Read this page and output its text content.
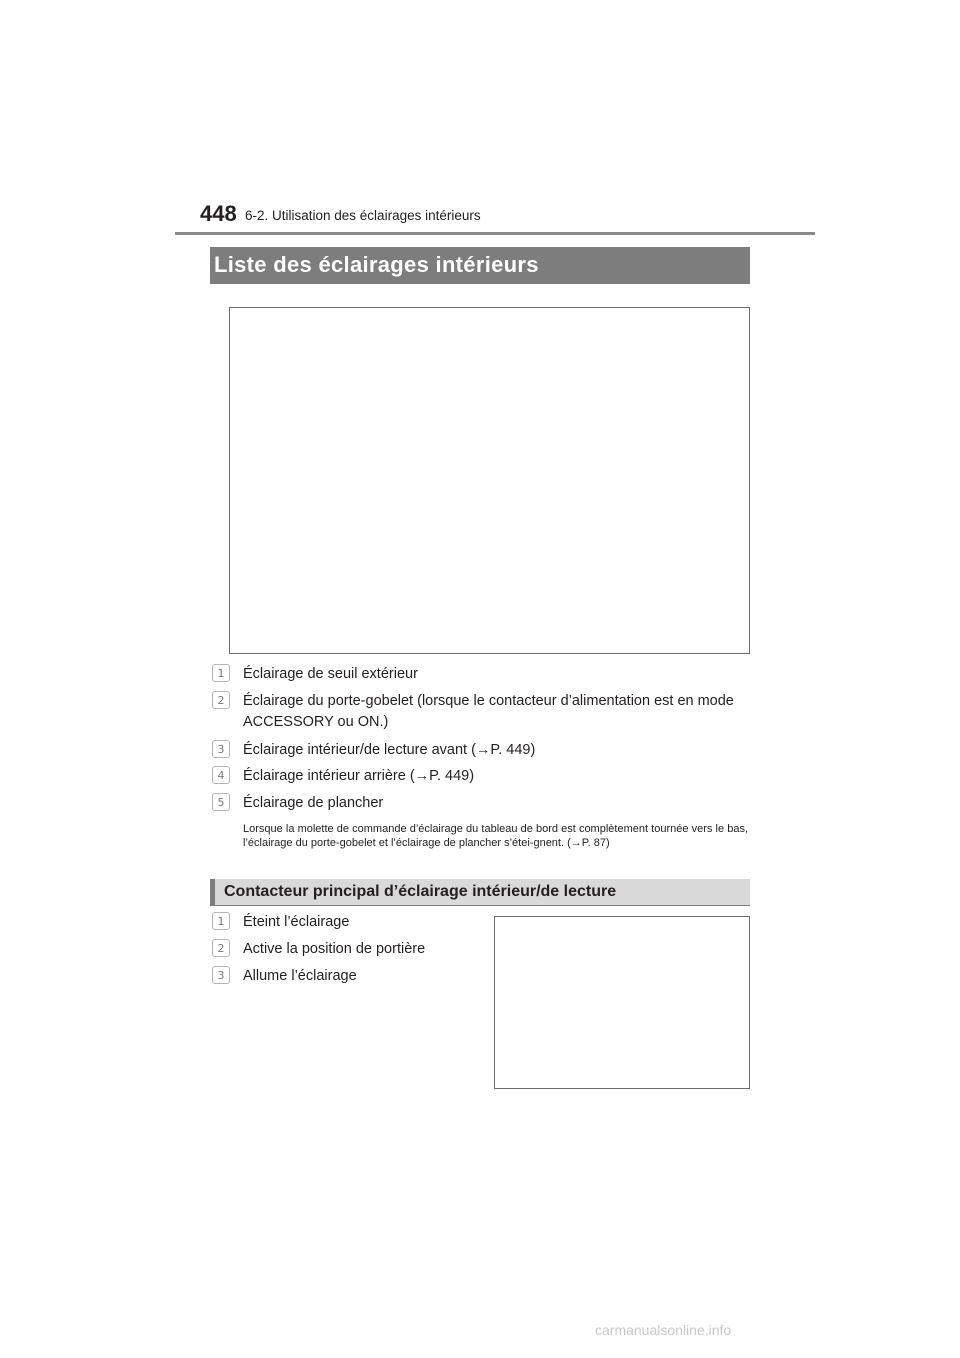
448 6-2. Utilisation des éclairages intérieurs
Liste des éclairages intérieurs
1	Éclairage de seuil extérieur
2	Éclairage du porte-gobelet (lorsque le contacteur d’alimentation est en mode
ACCESSORY ou ON.)
3	Éclairage intérieur/de lecture avant (→P. 449)
4	Éclairage intérieur arrière (→P. 449)
5	Éclairage de plancher
Lorsque la molette de commande d’éclairage du tableau de bord est complètement tournée vers le bas, l’éclairage du porte-gobelet et l’éclairage de plancher s’étei-gnent. (→P. 87)
Contacteur principal d’éclairage intérieur/de lecture
1	Éteint l’éclairage
2	Active la position de portière
3	Allume l’éclairage
carmanualsonline.info
